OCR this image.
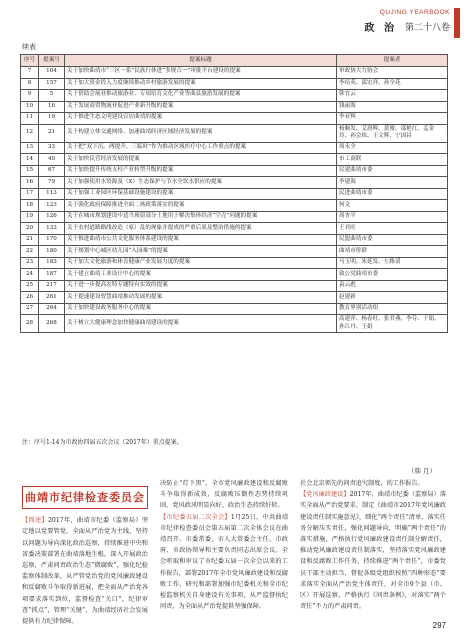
QUJING YEARBOOK
政 治 第二十八卷
续表
序号	提案号	提案标题	提案者
7	104	关于加快曲靖市“三区一系”民族行体进“多规合一”审批平台建设的提案	审政协大力协会
8	157	关于加大资金投入力度继续推动乡村旅游发展的提案	李培英、邵宏祥、孙全花
9	5	关于借助会展业推动旅游业、专项培育文化产业等曲县旅游发展的提案	韩宜云
10	16	关于发展商贸物流业促进产业新升级的提案	钱丽海
11	19	关于推进生态文明建设宣居曲靖的提案	李亚辉
12	21	关于构建立体交通网络、加速曲靖经济区域经济发展的提案	杨顺发、艾润辉、黄俊、邵艳红、孟金玲、孙会琼、王文辉、宁国昌
13	33	关于把“双下沉、两提升、三临时”作为推动区域医疗中心工作重点的提案	周永全
14	40	关于加快民营经济发展的提案	市工商联
15	67	关于加快提升传统支柱产业转型升级的提案	民建曲靖市委
16	79	关于加强使用水资源及（X）生态保护与节水全饮水供应的提案	李建海
17	113	关于加强工业园区环保基础设施建设的提案	民进曲靖市委
18	123	关于强化政府保障推进全面二孩政策落实的提案	何文
19	126	关于在城市规划建设中适当预留部分土地用于解决集体经济“空壳”问题的提案	周杏平
20	133	关于农村道路路线改造（家）乱的现象并提成的严重后果及整治措施的提案	王君旺
21	170	关于推进曲靖市公共文化服务体系建设的提案	民盟曲靖市委
22	180	关于规划中心城区幼儿园“入园难”的提案	曲靖市侨联
23	183	关于加大文化旅游和体育健康产业发展力度的提案	马玉明、朱延发、左路滔
24	187	关于建立曲靖工业设计中心的提案	致公党曲靖市委
25	217	关于进一步提高农特专题特有实效的提案	袁云彪
26	261	关于提速建设智慧曲靖推动发展的提案	赵建新
27	264	关于加快建设政务服务中心的提案	教育界别活动组
28	268	关于树立大健康理念加快健康曲靖建设的提案	高建萍、杨春旺、张君燕、李芬、于娟、孙江丹、王娟
注：序号1-14为市政协四届五次会议（2017年）重点提案。
（韩 月）
曲靖市纪律检查委员会

【简述】2017年，曲靖市纪委（监察局）坚定地以党要管党、全面从严治党为主线，坚持以问题为导向深化政治巡察，持续推进中央和省委决策部署在曲靖落地生根，深入开展政治巡察，严肃问责政治生态“微腐败”，强化纪检监察体制改革，从严管党治党的党风廉政建设和反腐败斗争取得新进展，把全面从严治党各项要求落实到位，监督检查“关口”，纪律审查“抓点”，管理“关键”，为曲靖经济社会发展提供有力纪律保障。

决防止“灯下黑”，全市党风廉政建设和反腐败斗争取得新成效，反腐败压倒性态势持续巩固，党风政风明显向好，政治生态持续好转。

【市纪委五届二次全会】1月25日，中共曲靖市纪律检查委员会第五届第二次全体会议在曲靖召开。市委常委、市人大常委会主任、市政府、市政协领导和主要负责同志出席会议。全会听取和审议了市纪委五届一次全会以来的工作报告，部署2017年全市党风廉政建设和反腐败工作，研究和部署加强市纪委机关和全市纪检监察机关自身建设有关事项，从严监督执纪问责，为全面从严治党提供坚强保障。

社会北京领先的问责追究制度，的工作报告。

【党风廉政建设】2017年，曲靖市纪委（监察局）落实全面从严治党要求，制定《曲靖市2017年党风廉政建设责任制实施意见》，细化“两个责任”清单，落实任务分解压实责任，强化问题导向，明确“两个责任”的落实措施，严格执行党风廉政建设责任制分解责任，推动党风廉政建设责任制落实，坚持落实党风廉政建设和反腐败工作任务，持续推进“两个责任”，市委党员干部主动担当，督促各级党组织按照“四种形态”要求落实全面从严治党主体责任，对全市9个县（市、区）开展巡察，严格执行《问责条例》，对落实“两个责任”不力的严肃问责。

297
